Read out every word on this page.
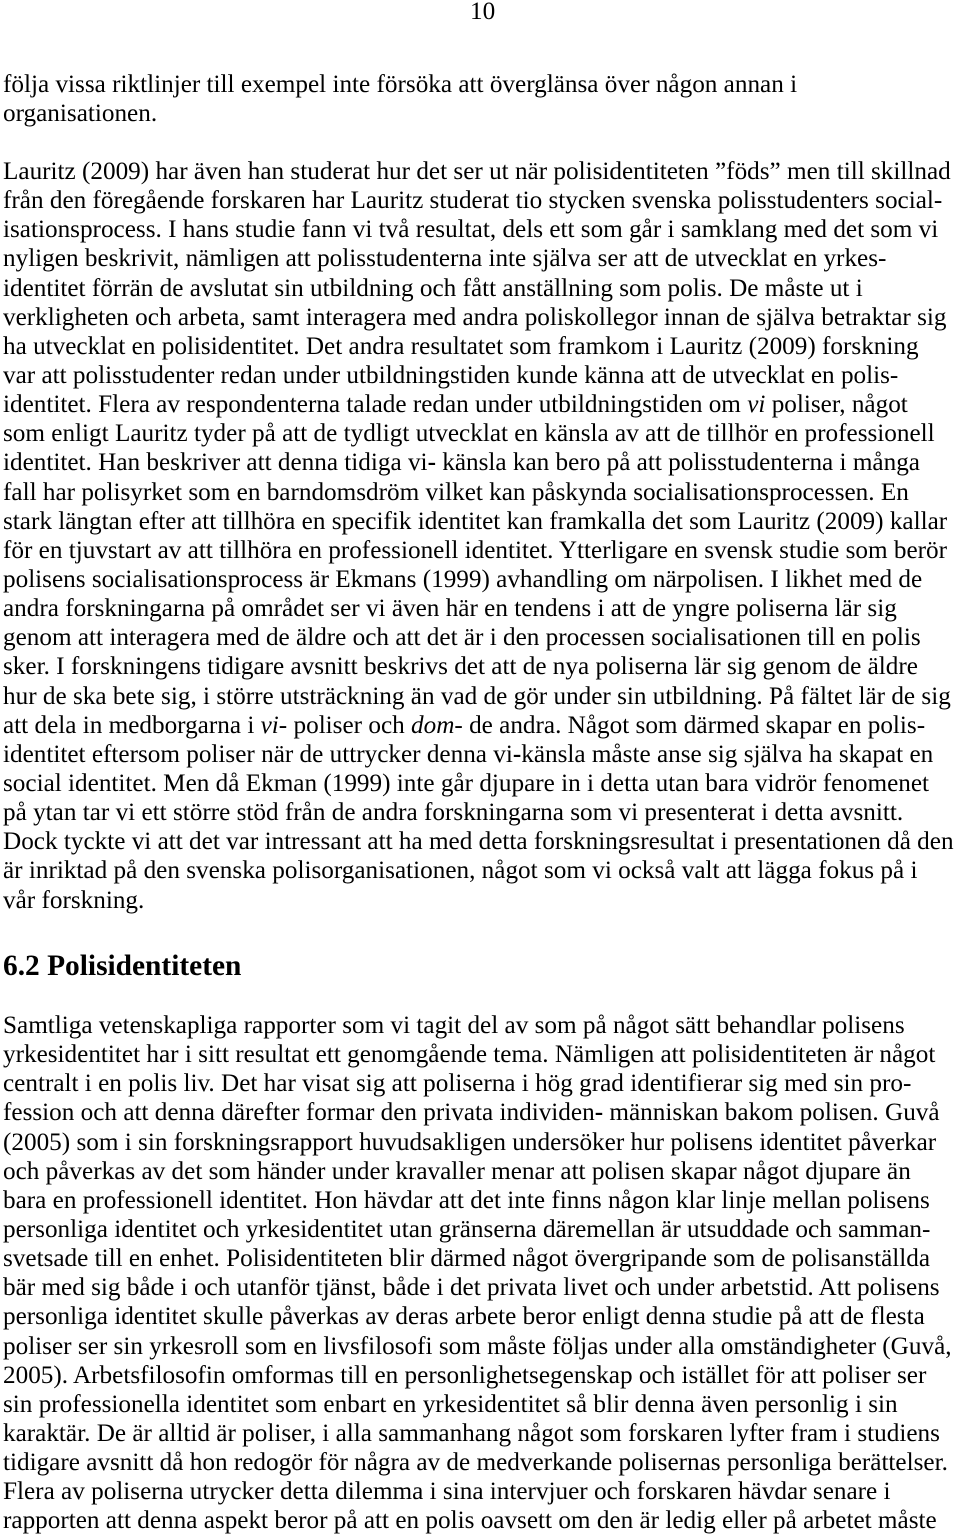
10
följa vissa riktlinjer till exempel inte försöka att överglänsa över någon annan i
organisationen.
Lauritz (2009) har även han studerat hur det ser ut när polisidentiteten ”föds” men till skillnad
från den föregående forskaren har Lauritz studerat tio stycken svenska polisstudenters social-
isationsprocess. I hans studie fann vi två resultat, dels ett som går i samklang med det som vi
nyligen beskrivit, nämligen att polisstudenterna inte själva ser att de utvecklat en yrkes-
identitet förrän de avslutat sin utbildning och fått anställning som polis. De måste ut i
verkligheten och arbeta, samt interagera med andra poliskollegor innan de själva betraktar sig
ha utvecklat en polisidentitet. Det andra resultatet som framkom i Lauritz (2009) forskning
var att polisstudenter redan under utbildningstiden kunde känna att de utvecklat en polis-
identitet. Flera av respondenterna talade redan under utbildningstiden om vi poliser, något
som enligt Lauritz tyder på att de tydligt utvecklat en känsla av att de tillhör en professionell
identitet. Han beskriver att denna tidiga vi- känsla kan bero på att polisstudenterna i många
fall har polisyrket som en barndomsdröm vilket kan påskynda socialisationsprocessen. En
stark längtan efter att tillhöra en specifik identitet kan framkalla det som Lauritz (2009) kallar
för en tjuvstart av att tillhöra en professionell identitet. Ytterligare en svensk studie som berör
polisens socialisationsprocess är Ekmans (1999) avhandling om närpolisen. I likhet med de
andra forskningarna på området ser vi även här en tendens i att de yngre poliserna lär sig
genom att interagera med de äldre och att det är i den processen socialisationen till en polis
sker. I forskningens tidigare avsnitt beskrivs det att de nya poliserna lär sig genom de äldre
hur de ska bete sig, i större utsträckning än vad de gör under sin utbildning. På fältet lär de sig
att dela in medborgarna i vi- poliser och dom- de andra. Något som därmed skapar en polis-
identitet eftersom poliser när de uttrycker denna vi-känsla måste anse sig själva ha skapat en
social identitet. Men då Ekman (1999) inte går djupare in i detta utan bara vidrör fenomenet
på ytan tar vi ett större stöd från de andra forskningarna som vi presenterat i detta avsnitt.
Dock tyckte vi att det var intressant att ha med detta forskningsresultat i presentationen då den
är inriktad på den svenska polisorganisationen, något som vi också valt att lägga fokus på i
vår forskning.
6.2 Polisidentiteten
Samtliga vetenskapliga rapporter som vi tagit del av som på något sätt behandlar polisens
yrkesidentitet har i sitt resultat ett genomgående tema. Nämligen att polisidentiteten är något
centralt i en polis liv. Det har visat sig att poliserna i hög grad identifierar sig med sin pro-
fession och att denna därefter formar den privata individen- människan bakom polisen. Guvå
(2005) som i sin forskningsrapport huvudsakligen undersöker hur polisens identitet påverkar
och påverkas av det som händer under kravaller menar att polisen skapar något djupare än
bara en professionell identitet. Hon hävdar att det inte finns någon klar linje mellan polisens
personliga identitet och yrkesidentitet utan gränserna däremellan är utsuddade och samman-
svetsade till en enhet. Polisidentiteten blir därmed något övergripande som de polisanställda
bär med sig både i och utanför tjänst, både i det privata livet och under arbetstid. Att polisens
personliga identitet skulle påverkas av deras arbete beror enligt denna studie på att de flesta
poliser ser sin yrkesroll som en livsfilosofi som måste följas under alla omständigheter (Guvå,
2005). Arbetsfilosofin omformas till en personlighetsegenskap och istället för att poliser ser
sin professionella identitet som enbart en yrkesidentitet så blir denna även personlig i sin
karaktär. De är alltid är poliser, i alla sammanhang något som forskaren lyfter fram i studiens
tidigare avsnitt då hon redogör för några av de medverkande polisernas personliga berättelser.
Flera av poliserna utrycker detta dilemma i sina intervjuer och forskaren hävdar senare i
rapporten att denna aspekt beror på att en polis oavsett om den är ledig eller på arbetet måste
